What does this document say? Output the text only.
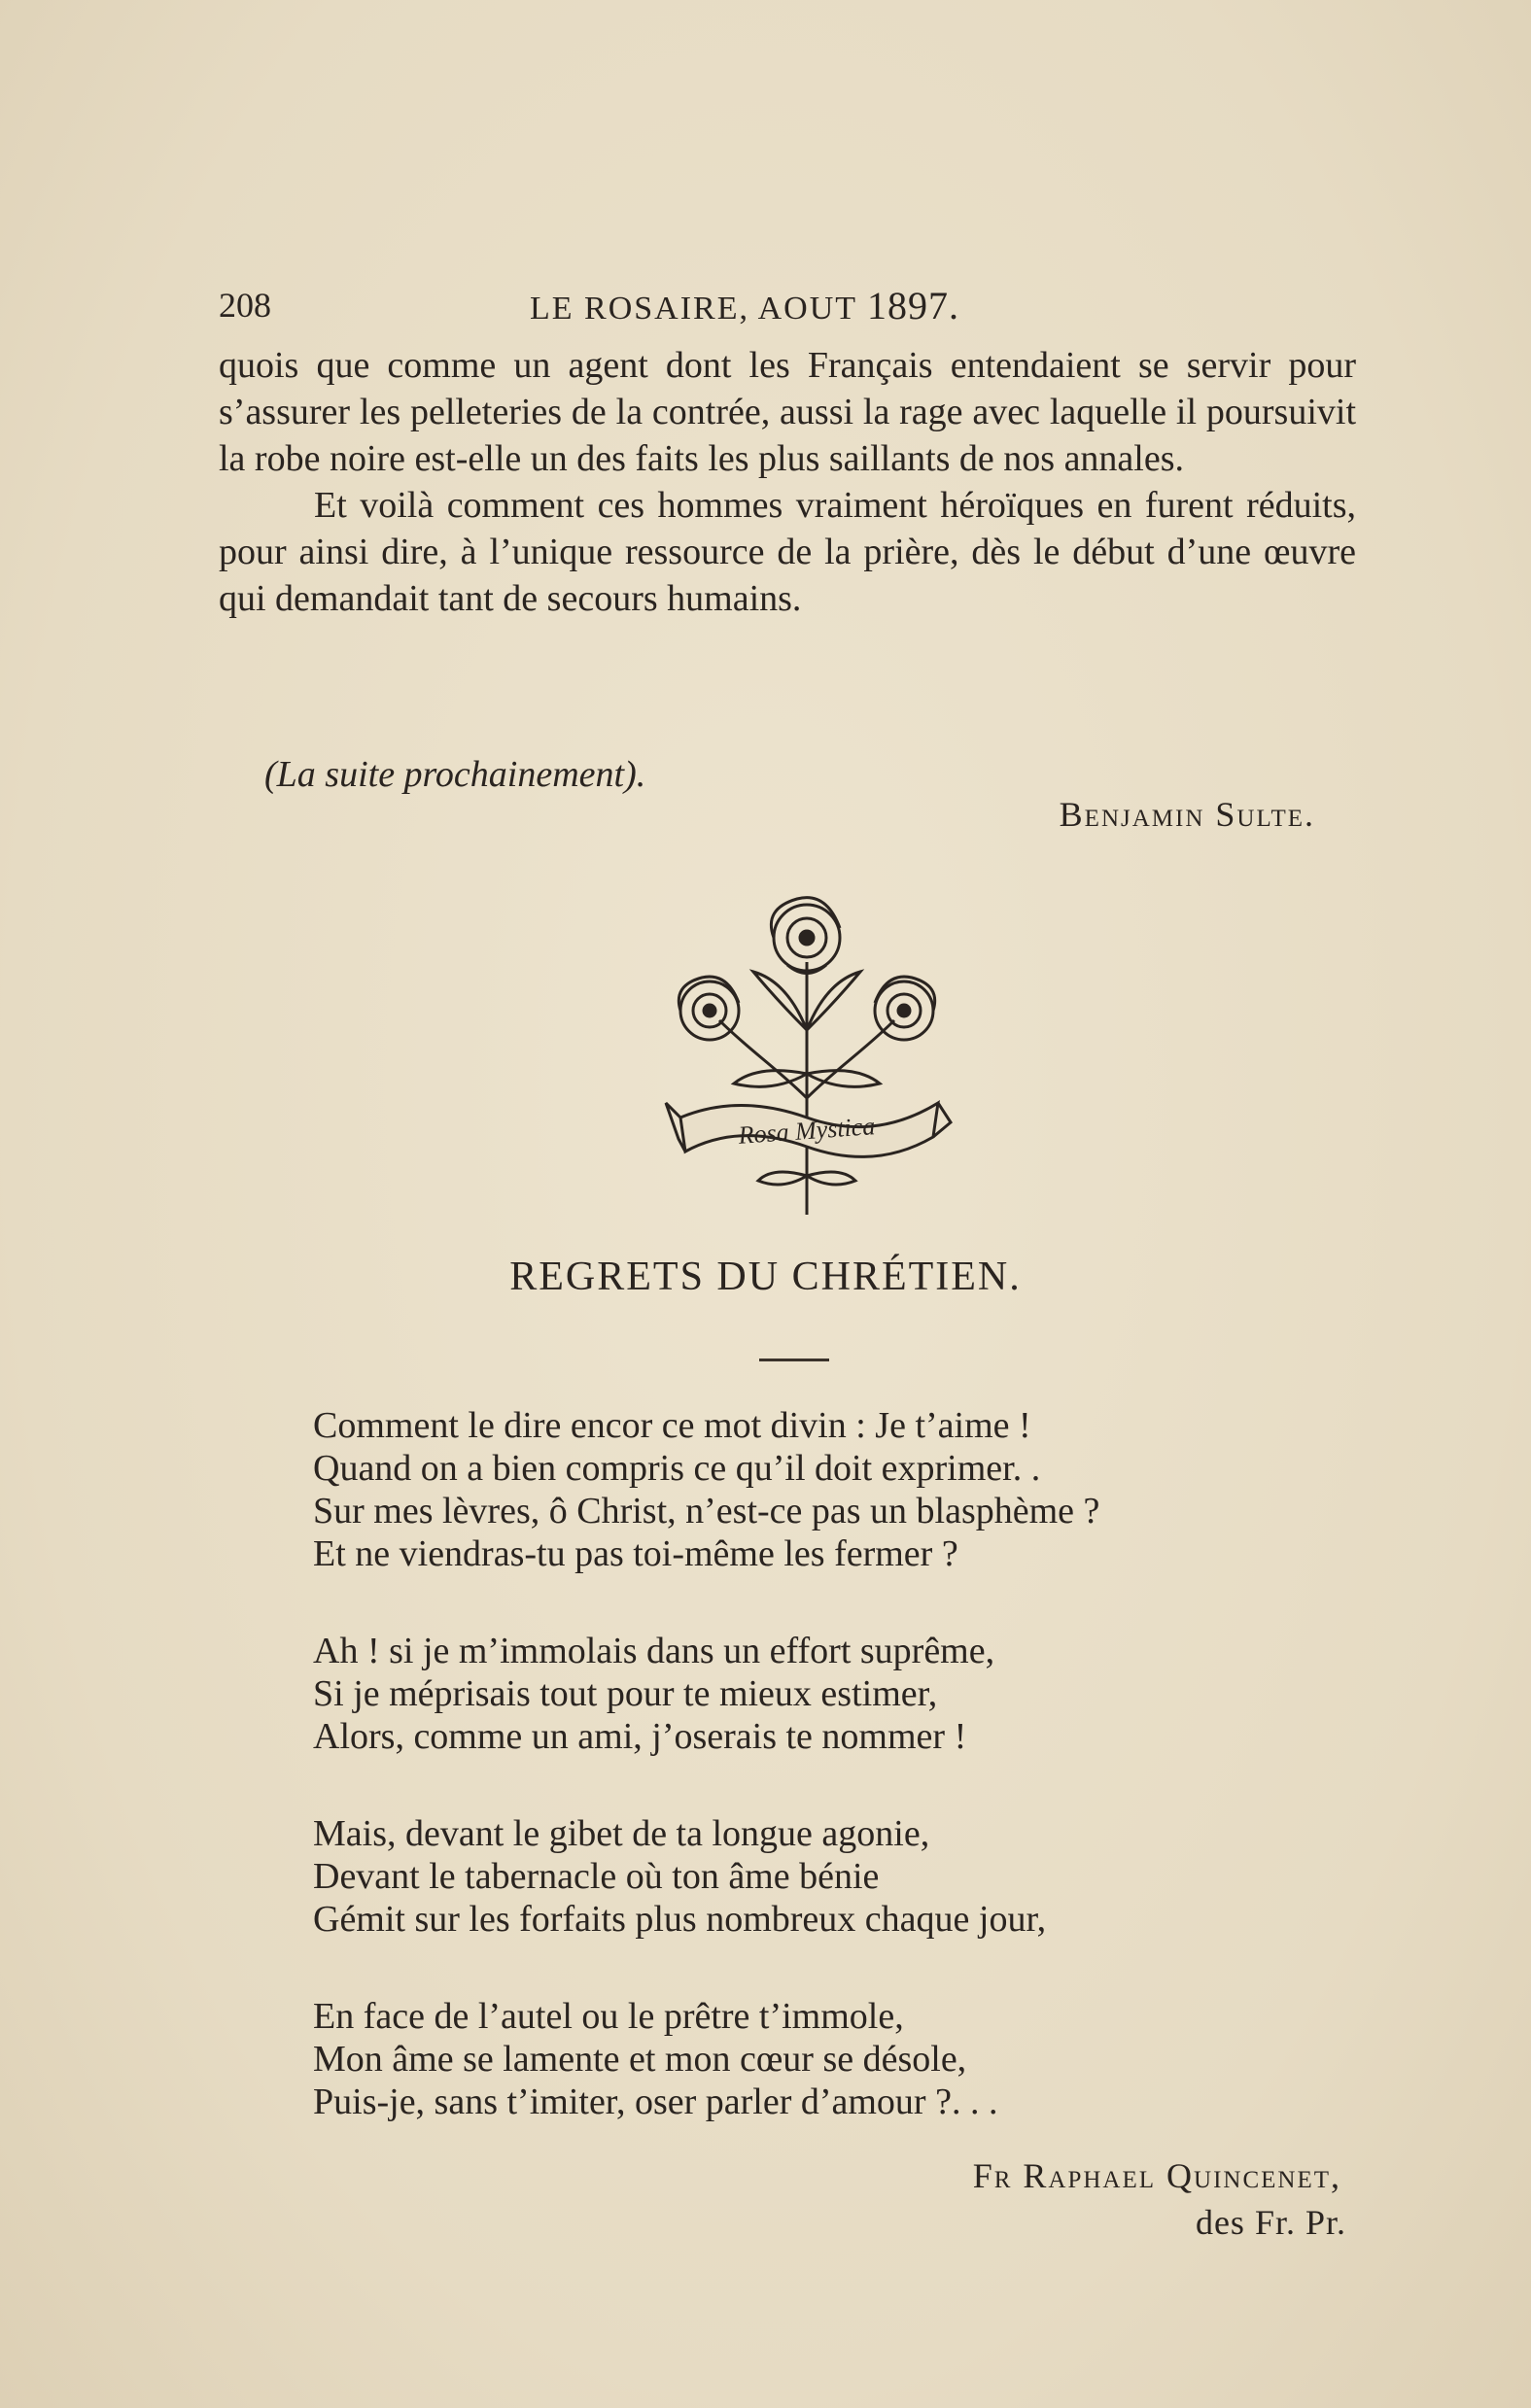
208	LE ROSAIRE, AOUT 1897.

quois que comme un agent dont les Français entendaient se servir pour s’assurer les pelleteries de la contrée, aussi la rage avec laquelle il poursuivit la robe noire est-elle un des faits les plus saillants de nos annales.

Et voilà comment ces hommes vraiment héroïques en furent réduits, pour ainsi dire, à l’unique ressource de la prière, dès le début d’une œuvre qui demandait tant de secours humains.

(La suite prochainement).
Benjamin Sulte.
Rosa Mystica
REGRETS DU CHRÉTIEN.
Comment le dire encor ce mot divin : Je t’aime !
Quand on a bien compris ce qu’il doit exprimer. .
Sur mes lèvres, ô Christ, n’est-ce pas un blasphème ?
Et ne viendras-tu pas toi-même les fermer ?
Ah ! si je m’immolais dans un effort suprême,
Si je méprisais tout pour te mieux estimer,
Alors, comme un ami, j’oserais te nommer !
Mais, devant le gibet de ta longue agonie,
Devant le tabernacle où ton âme bénie
Gémit sur les forfaits plus nombreux chaque jour,
En face de l’autel ou le prêtre t’immole,
Mon âme se lamente et mon cœur se désole,
Puis-je, sans t’imiter, oser parler d’amour ?. . .
Fr Raphael Quincenet,
des Fr. Pr.
